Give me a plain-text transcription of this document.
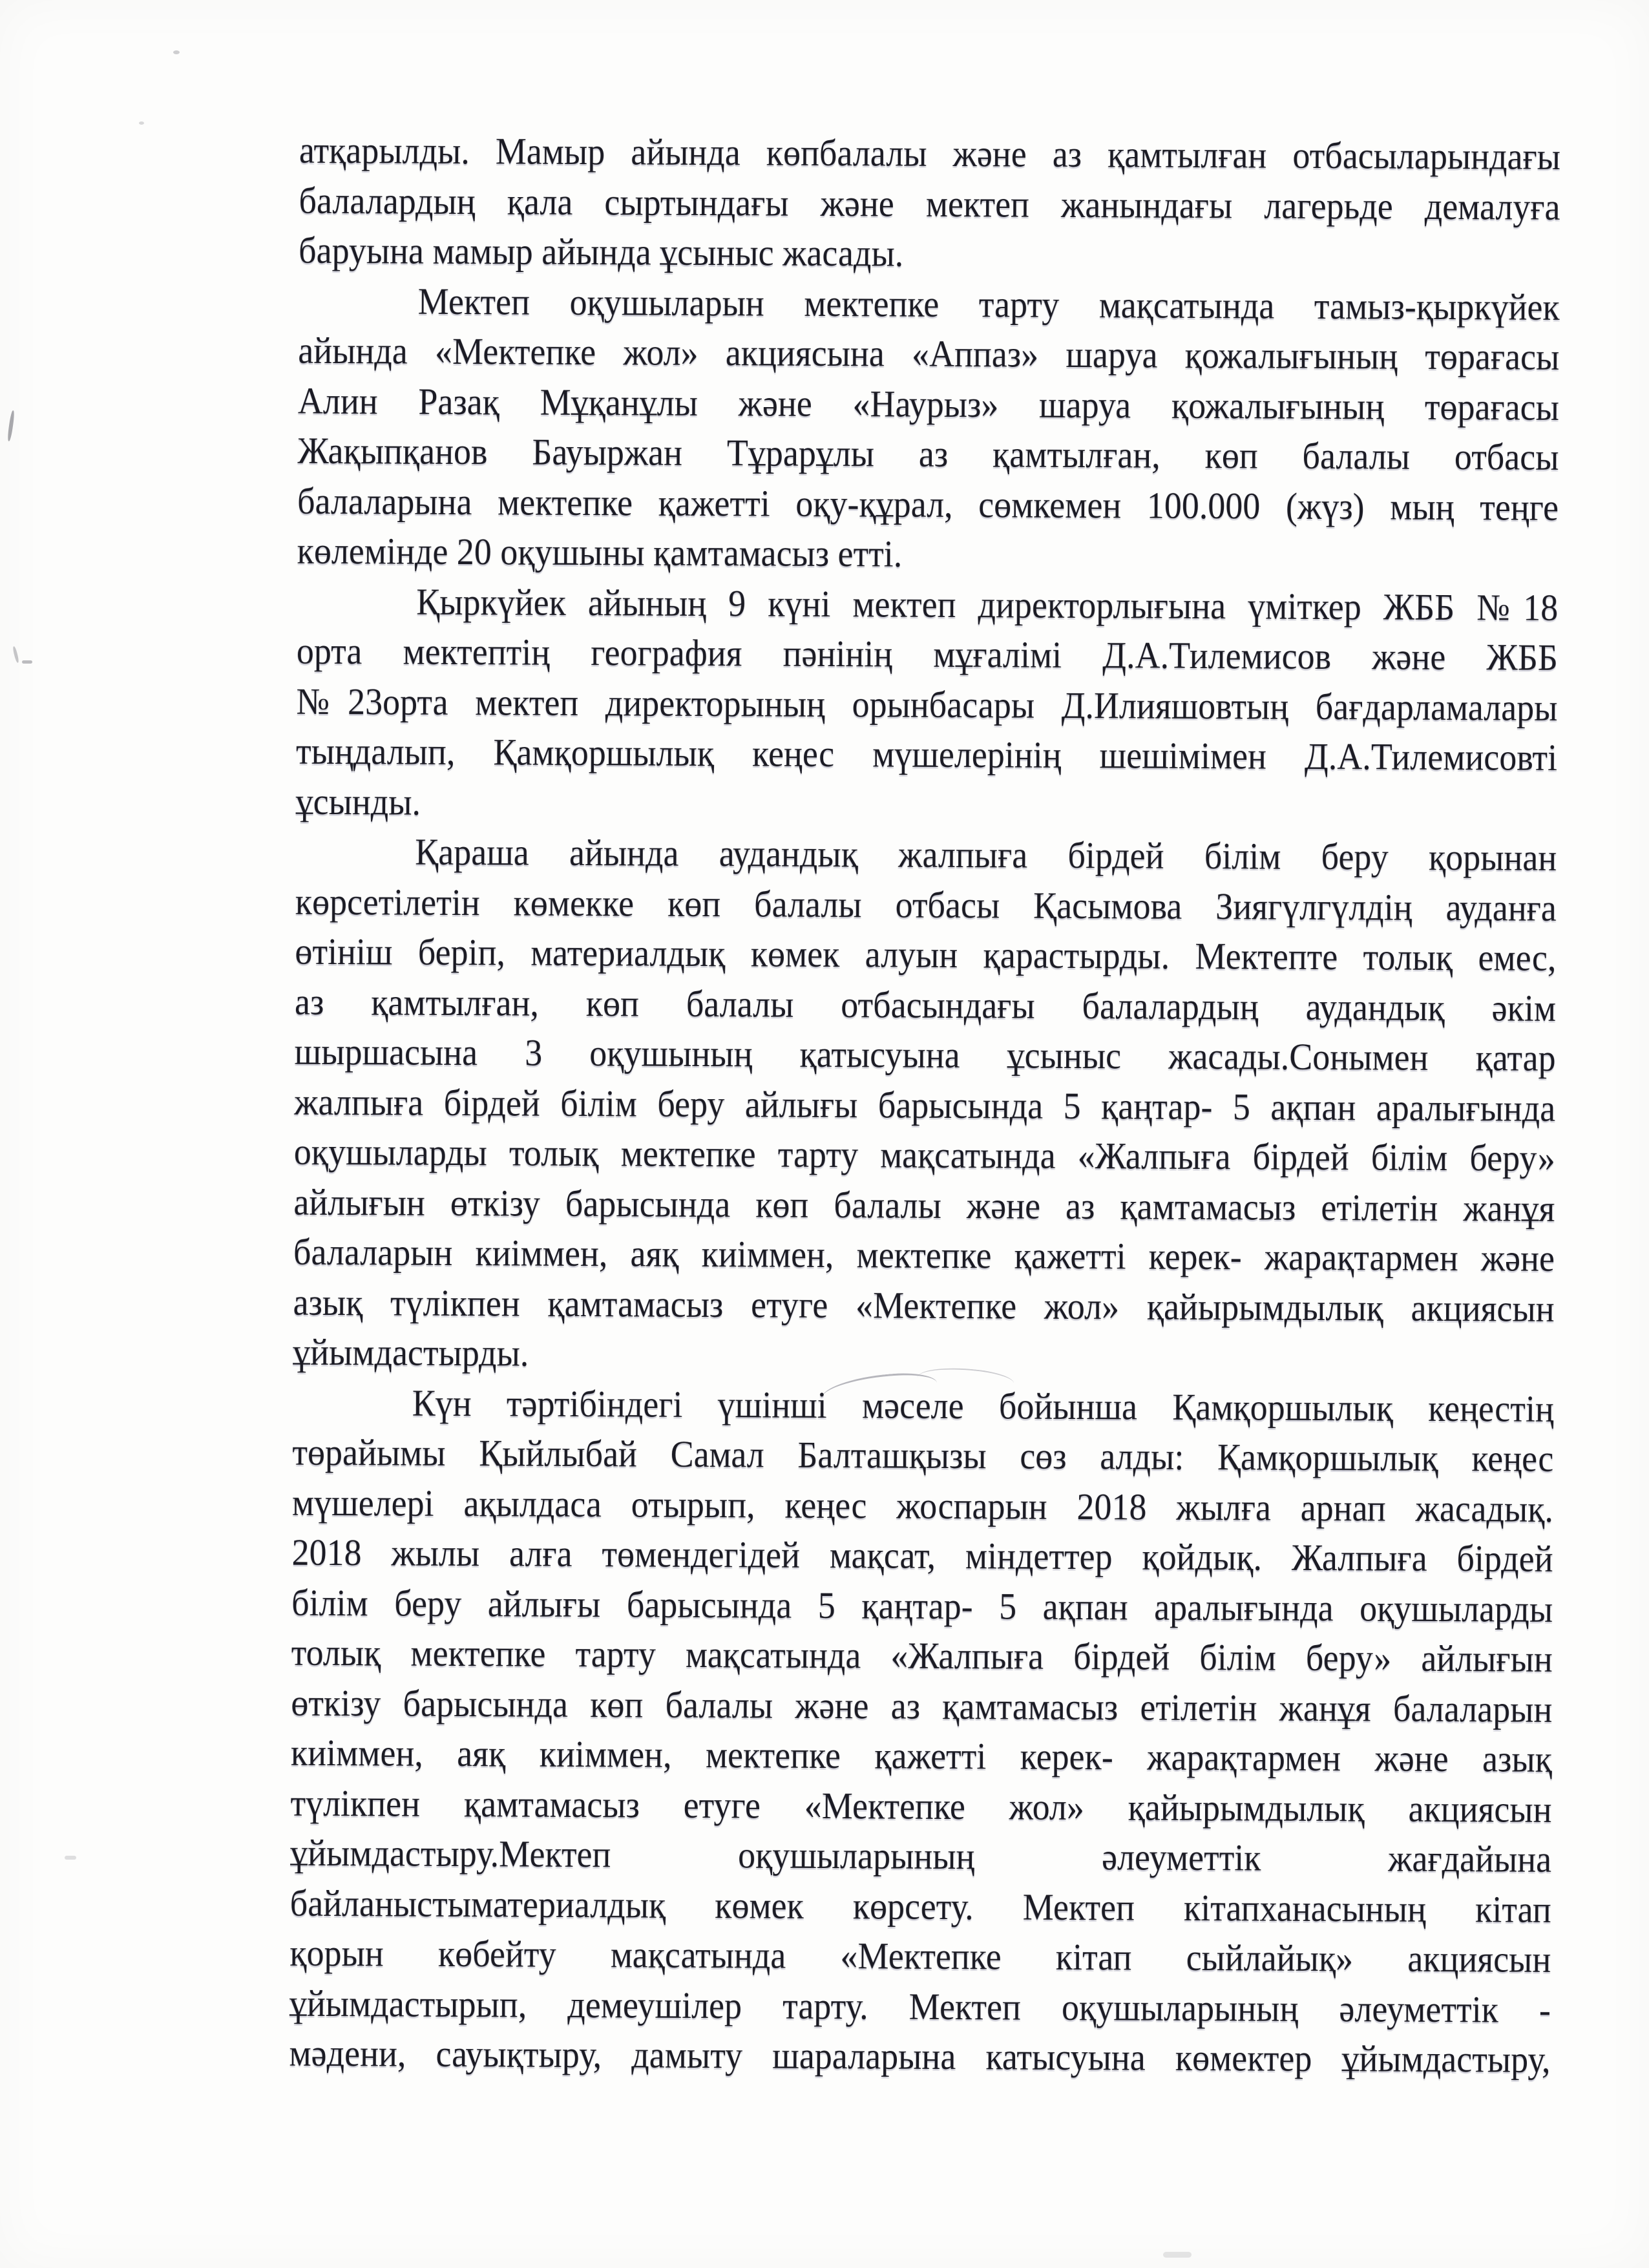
атқарылды. Мамыр айында көпбалалы және аз қамтылған отбасыларындағы
балалардың қала сыртындағы және мектеп жанындағы лагерьде демалуға
баруына мамыр айында ұсыныс жасады.
Мектеп оқушыларын мектепке тарту мақсатында тамыз-қыркүйек
айында «Мектепке жол» акциясына «Аппаз» шаруа қожалығының төрағасы
Алин Разақ Мұқанұлы және «Наурыз» шаруа қожалығының төрағасы
Жақыпқанов Бауыржан Тұрарұлы аз қамтылған, көп балалы отбасы
балаларына мектепке қажетті оқу-құрал, сөмкемен 100.000 (жүз) мың теңге
көлемінде 20 оқушыны қамтамасыз етті.
Қыркүйек айының 9 күні мектеп директорлығына үміткер ЖББ №18
орта мектептің география пәнінің мұғалімі Д.А.Тилемисов және ЖББ
№23орта мектеп директорының орынбасары Д.Илияшовтың бағдарламалары
тыңдалып, Қамқоршылық кеңес мүшелерінің шешімімен Д.А.Тилемисовті
ұсынды.
Қараша айында аудандық жалпыға бірдей білім беру қорынан
көрсетілетін көмекке көп балалы отбасы Қасымова Зиягүлгүлдің ауданға
өтініш беріп, материалдық көмек алуын қарастырды. Мектепте толық емес,
аз қамтылған, көп балалы отбасындағы балалардың аудандық әкім
шыршасына 3 оқушының қатысуына ұсыныс жасады.Сонымен қатар
жалпыға бірдей білім беру айлығы барысында 5 қаңтар- 5 ақпан аралығында
оқушыларды толық мектепке тарту мақсатында «Жалпыға бірдей білім беру»
айлығын өткізу барысында көп балалы және аз қамтамасыз етілетін жанұя
балаларын киіммен, аяқ киіммен, мектепке қажетті керек- жарақтармен және
азық түлікпен қамтамасыз етуге «Мектепке жол» қайырымдылық акциясын
ұйымдастырды.
Күн тәртібіндегі үшінші мәселе бойынша Қамқоршылық кеңестің
төрайымы Қыйлыбай Самал Балташқызы сөз алды: Қамқоршылық кеңес
мүшелері ақылдаса отырып, кеңес жоспарын 2018 жылға арнап жасадық.
2018 жылы алға төмендегідей мақсат, міндеттер қойдық. Жалпыға бірдей
білім беру айлығы барысында 5 қаңтар- 5 ақпан аралығында оқушыларды
толық мектепке тарту мақсатында «Жалпыға бірдей білім беру» айлығын
өткізу барысында көп балалы және аз қамтамасыз етілетін жанұя балаларын
киіммен, аяқ киіммен, мектепке қажетті керек- жарақтармен және азық
түлікпен қамтамасыз етуге «Мектепке жол» қайырымдылық акциясын
ұйымдастыру.Мектеп оқушыларының әлеуметтік жағдайына
байланыстыматериалдық көмек көрсету. Мектеп кітапханасының кітап
қорын көбейту мақсатында «Мектепке кітап сыйлайық» акциясын
ұйымдастырып, демеушілер тарту. Мектеп оқушыларының әлеуметтік -
мәдени, сауықтыру, дамыту шараларына катысуына көмектер ұйымдастыру,
